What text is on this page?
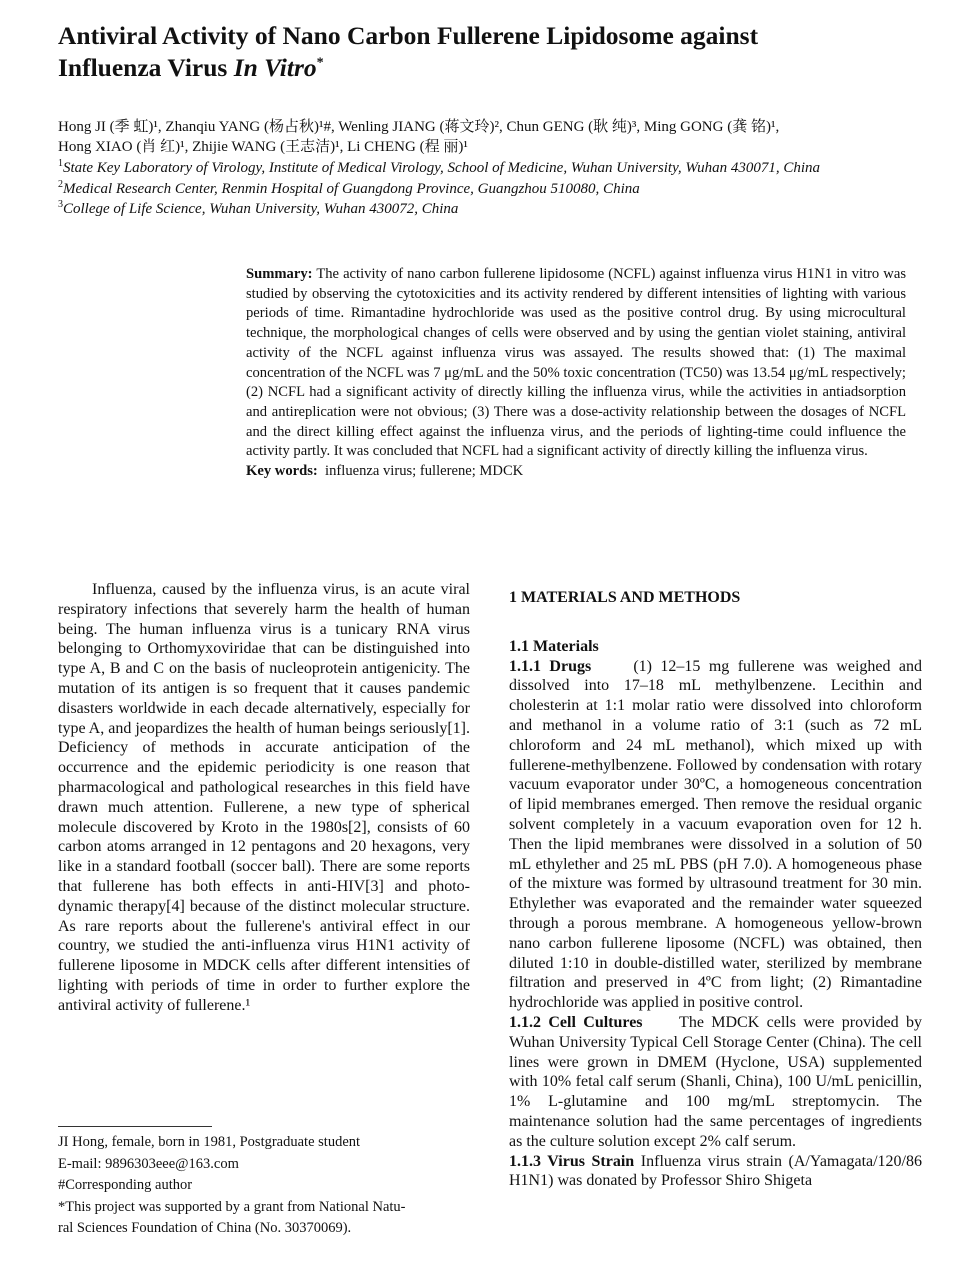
Antiviral Activity of Nano Carbon Fullerene Lipidosome against
Influenza Virus In Vitro*
Hong JI (季 虹)¹, Zhanqiu YANG (杨占秋)¹#, Wenling JIANG (蒋文玲)², Chun GENG (耿 纯)³, Ming GONG (龚 铭)¹,
Hong XIAO (肖 红)¹, Zhijie WANG (王志洁)¹, Li CHENG (程 丽)¹
$^1$State Key Laboratory of Virology, Institute of Medical Virology, School of Medicine, Wuhan University, Wuhan 430071, China
$^2$Medical Research Center, Renmin Hospital of Guangdong Province, Guangzhou 510080, China
$^3$College of Life Science, Wuhan University, Wuhan 430072, China
Summary: The activity of nano carbon fullerene lipidosome (NCFL) against influenza virus H1N1 in vitro was studied by observing the cytotoxicities and its activity rendered by different intensities of lighting with various periods of time. Rimantadine hydrochloride was used as the positive control drug. By using microcultural technique, the morphological changes of cells were observed and by using the gentian violet staining, antiviral activity of the NCFL against influenza virus was assayed. The results showed that: (1) The maximal concentration of the NCFL was 7 μg/mL and the 50% toxic concentration (TC50) was 13.54 μg/mL respectively; (2) NCFL had a significant activity of directly killing the influenza virus, while the activities in antiadsorption and antireplication were not obvious; (3) There was a dose-activity relationship between the dosages of NCFL and the direct killing effect against the influenza virus, and the periods of lighting-time could influence the activity partly. It was concluded that NCFL had a significant activity of directly killing the influenza virus.
Key words: influenza virus; fullerene; MDCK

Influenza, caused by the influenza virus, is an acute viral respiratory infections that severely harm the health of human being. The human influenza virus is a tunicary RNA virus belonging to Orthomyxoviridae that can be distinguished into type A, B and C on the basis of nucleoprotein antigenicity. The mutation of its antigen is so frequent that it causes pandemic disasters worldwide in each decade alternatively, especially for type A, and jeopardizes the health of human beings seriously[1]. Deficiency of methods in accurate anticipation of the occurrence and the epidemic periodicity is one reason that pharmacological and pathological researches in this field have drawn much attention. Fullerene, a new type of spherical molecule discovered by Kroto in the 1980s[2], consists of 60 carbon atoms arranged in 12 pentagons and 20 hexagons, very like in a standard football (soccer ball). There are some reports that fullerene has both effects in anti-HIV[3] and photo-dynamic therapy[4] because of the distinct molecular structure. As rare reports about the fullerene's antiviral effect in our country, we studied the anti-influenza virus H1N1 activity of fullerene liposome in MDCK cells after different intensities of lighting with periods of time in order to further explore the antiviral activity of fullerene.¹

1 MATERIALS AND METHODS

1.1 Materials

1.1.1 Drugs	(1) 12–15 mg fullerene was weighed and dissolved into 17–18 mL methylbenzene. Lecithin and cholesterin at 1:1 molar ratio were dissolved into chloroform and methanol in a volume ratio of 3:1 (such as 72 mL chloroform and 24 mL methanol), which mixed up with fullerene-methylbenzene. Followed by condensation with rotary vacuum evaporator under 30ºC, a homogeneous concentration of lipid membranes emerged. Then remove the residual organic solvent completely in a vacuum evaporation oven for 12 h. Then the lipid membranes were dissolved in a solution of 50 mL ethylether and 25 mL PBS (pH 7.0). A homogeneous phase of the mixture was formed by ultrasound treatment for 30 min. Ethylether was evaporated and the remainder water squeezed through a porous membrane. A homogeneous yellow-brown nano carbon fullerene liposome (NCFL) was obtained, then diluted 1:10 in double-distilled water, sterilized by membrane filtration and preserved in 4ºC from light; (2) Rimantadine hydrochloride was applied in positive control.

1.1.2 Cell Cultures The MDCK cells were provided by Wuhan University Typical Cell Storage Center (China). The cell lines were grown in DMEM (Hyclone, USA) supplemented with 10% fetal calf serum (Shanli, China), 100 U/mL penicillin, 1% L-glutamine and 100 mg/mL streptomycin. The maintenance solution had the same percentages of ingredients as the culture solution except 2% calf serum.

1.1.3 Virus Strain Influenza virus strain (A/Yamagata/120/86 H1N1) was donated by Professor Shiro Shigeta

JI Hong, female, born in 1981, Postgraduate student
E-mail: 9896303eee@163.com
#Corresponding author
*This project was supported by a grant from National Natu-
ral Sciences Foundation of China (No. 30370069).
